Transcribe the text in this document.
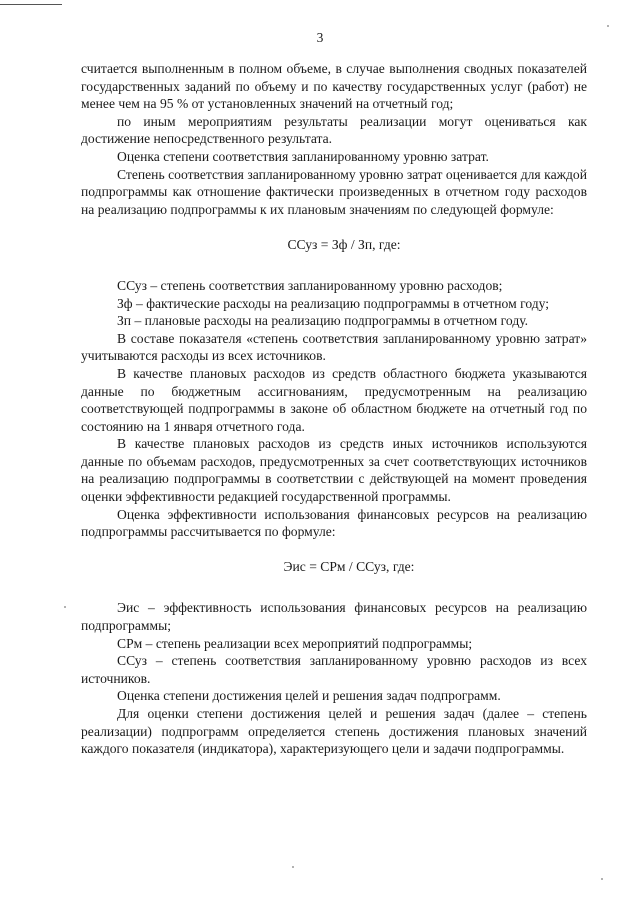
3

считается выполненным в полном объеме, в случае выполнения сводных показателей государственных заданий по объему и по качеству государственных услуг (работ) не менее чем на 95 % от установленных значений на отчетный год;

по иным мероприятиям результаты реализации могут оцениваться как достижение непосредственного результата.

Оценка степени соответствия запланированному уровню затрат.

Степень соответствия запланированному уровню затрат оценивается для каждой подпрограммы как отношение фактически произведенных в отчетном году расходов на реализацию подпрограммы к их плановым значениям по следующей формуле:

ССуз = Зф / Зп, где:

ССуз – степень соответствия запланированному уровню расходов;

Зф – фактические расходы на реализацию подпрограммы в отчетном году;

Зп – плановые расходы на реализацию подпрограммы в отчетном году.

В составе показателя «степень соответствия запланированному уровню затрат» учитываются расходы из всех источников.

В качестве плановых расходов из средств областного бюджета указываются данные по бюджетным ассигнованиям, предусмотренным на реализацию соответствующей подпрограммы в законе об областном бюджете на отчетный год по состоянию на 1 января отчетного года.

В качестве плановых расходов из средств иных источников используются данные по объемам расходов, предусмотренных за счет соответствующих источников на реализацию подпрограммы в соответствии с действующей на момент проведения оценки эффективности редакцией государственной программы.

Оценка эффективности использования финансовых ресурсов на реализацию подпрограммы рассчитывается по формуле:

Эис = СРм / ССуз, где:

Эис – эффективность использования финансовых ресурсов на реализацию подпрограммы;

СРм – степень реализации всех мероприятий подпрограммы;

ССуз – степень соответствия запланированному уровню расходов из всех источников.

Оценка степени достижения целей и решения задач подпрограмм.

Для оценки степени достижения целей и решения задач (далее – степень реализации) подпрограмм определяется степень достижения плановых значений каждого показателя (индикатора), характеризующего цели и задачи подпрограммы.
